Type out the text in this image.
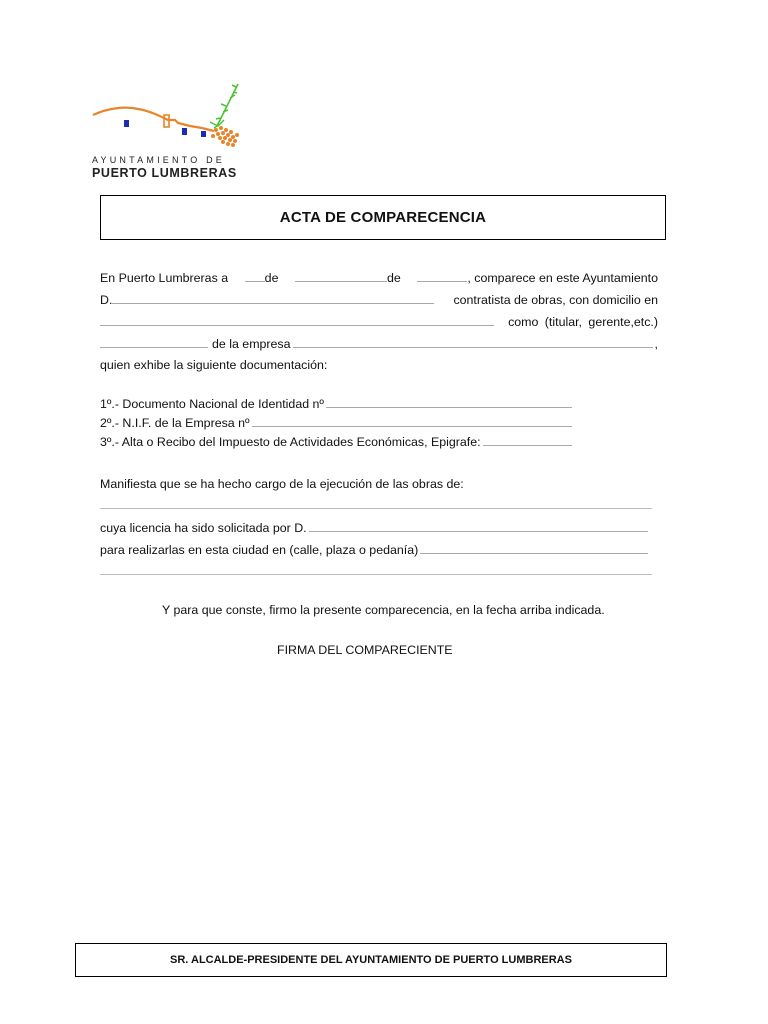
AYUNTAMIENTO DE
PUERTO LUMBRERAS
ACTA DE COMPARECENCIA
En Puerto Lumbreras a	de	de	, comparece en este Ayuntamiento
D.	contratista de obras, con domicilio en
como (titular, gerente,etc.)
de la empresa	,
quien exhibe la siguiente documentación:
1º.- Documento Nacional de Identidad nº
2º.- N.I.F. de la Empresa nº
3º.- Alta o Recibo del Impuesto de Actividades Económicas, Epigrafe:
Manifiesta que se ha hecho cargo de la ejecución de las obras de:
cuya licencia ha sido solicitada por D.
para realizarlas en esta ciudad en (calle, plaza o pedanía)
Y para que conste, firmo la presente comparecencia, en la fecha arriba indicada.
FIRMA DEL COMPARECIENTE
SR. ALCALDE-PRESIDENTE DEL AYUNTAMIENTO DE PUERTO LUMBRERAS
